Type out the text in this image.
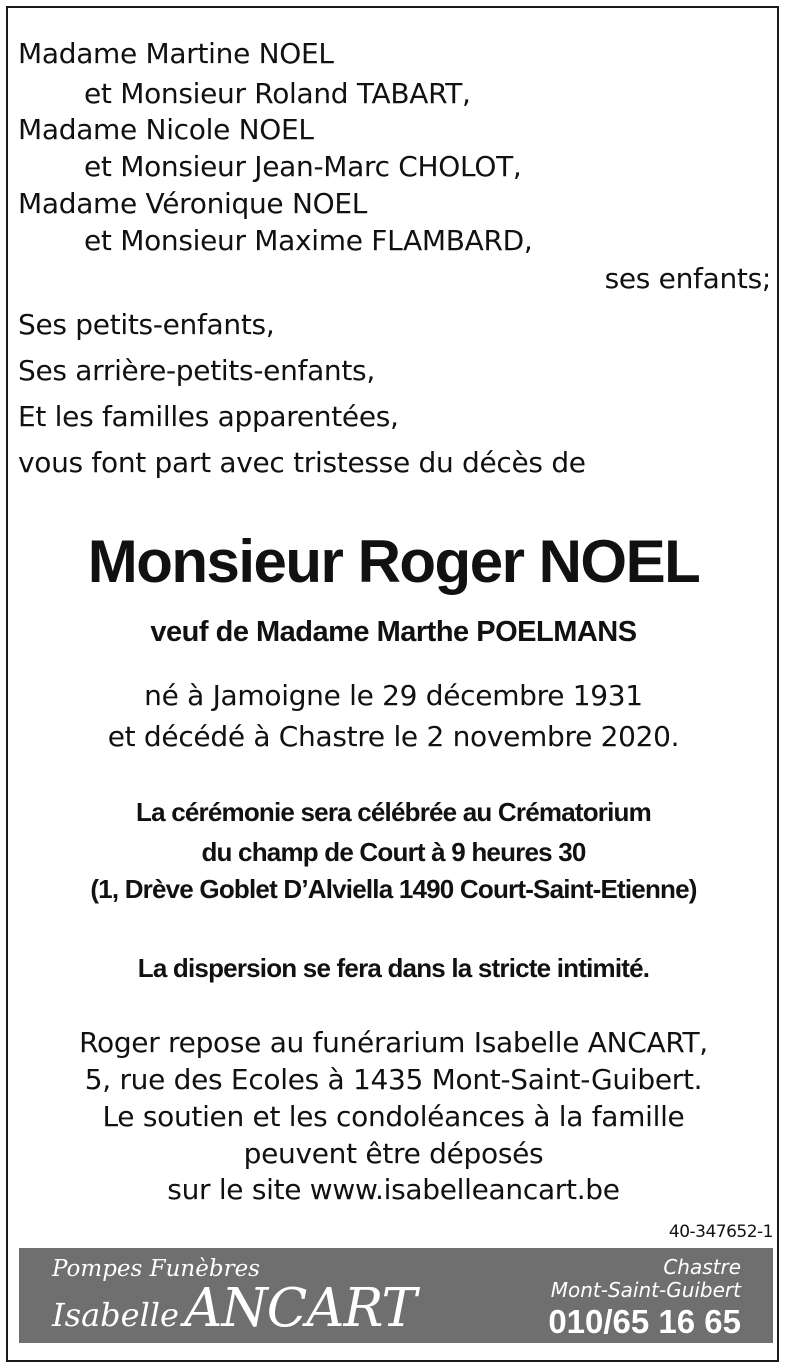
Madame Martine NOEL
et Monsieur Roland TABART,
Madame Nicole NOEL
et Monsieur Jean-Marc CHOLOT,
Madame Véronique NOEL
et Monsieur Maxime FLAMBARD,
ses enfants;
Ses petits-enfants,
Ses arrière-petits-enfants,
Et les familles apparentées,
vous font part avec tristesse du décès de
Monsieur Roger NOEL
veuf de Madame Marthe POELMANS
né à Jamoigne le 29 décembre 1931
et décédé à Chastre le 2 novembre 2020.
La cérémonie sera célébrée au Crématorium
du champ de Court à 9 heures 30
(1, Drève Goblet D’Alviella 1490 Court-Saint-Etienne)
La dispersion se fera dans la stricte intimité.
Roger repose au funérarium Isabelle ANCART,
5, rue des Ecoles à 1435 Mont-Saint-Guibert.
Le soutien et les condoléances à la famille
peuvent être déposés
sur le site www.isabelleancart.be
40-347652-1
Pompes Funèbres
Isabelle ANCART
Chastre
Mont-Saint-Guibert
010/65 16 65
